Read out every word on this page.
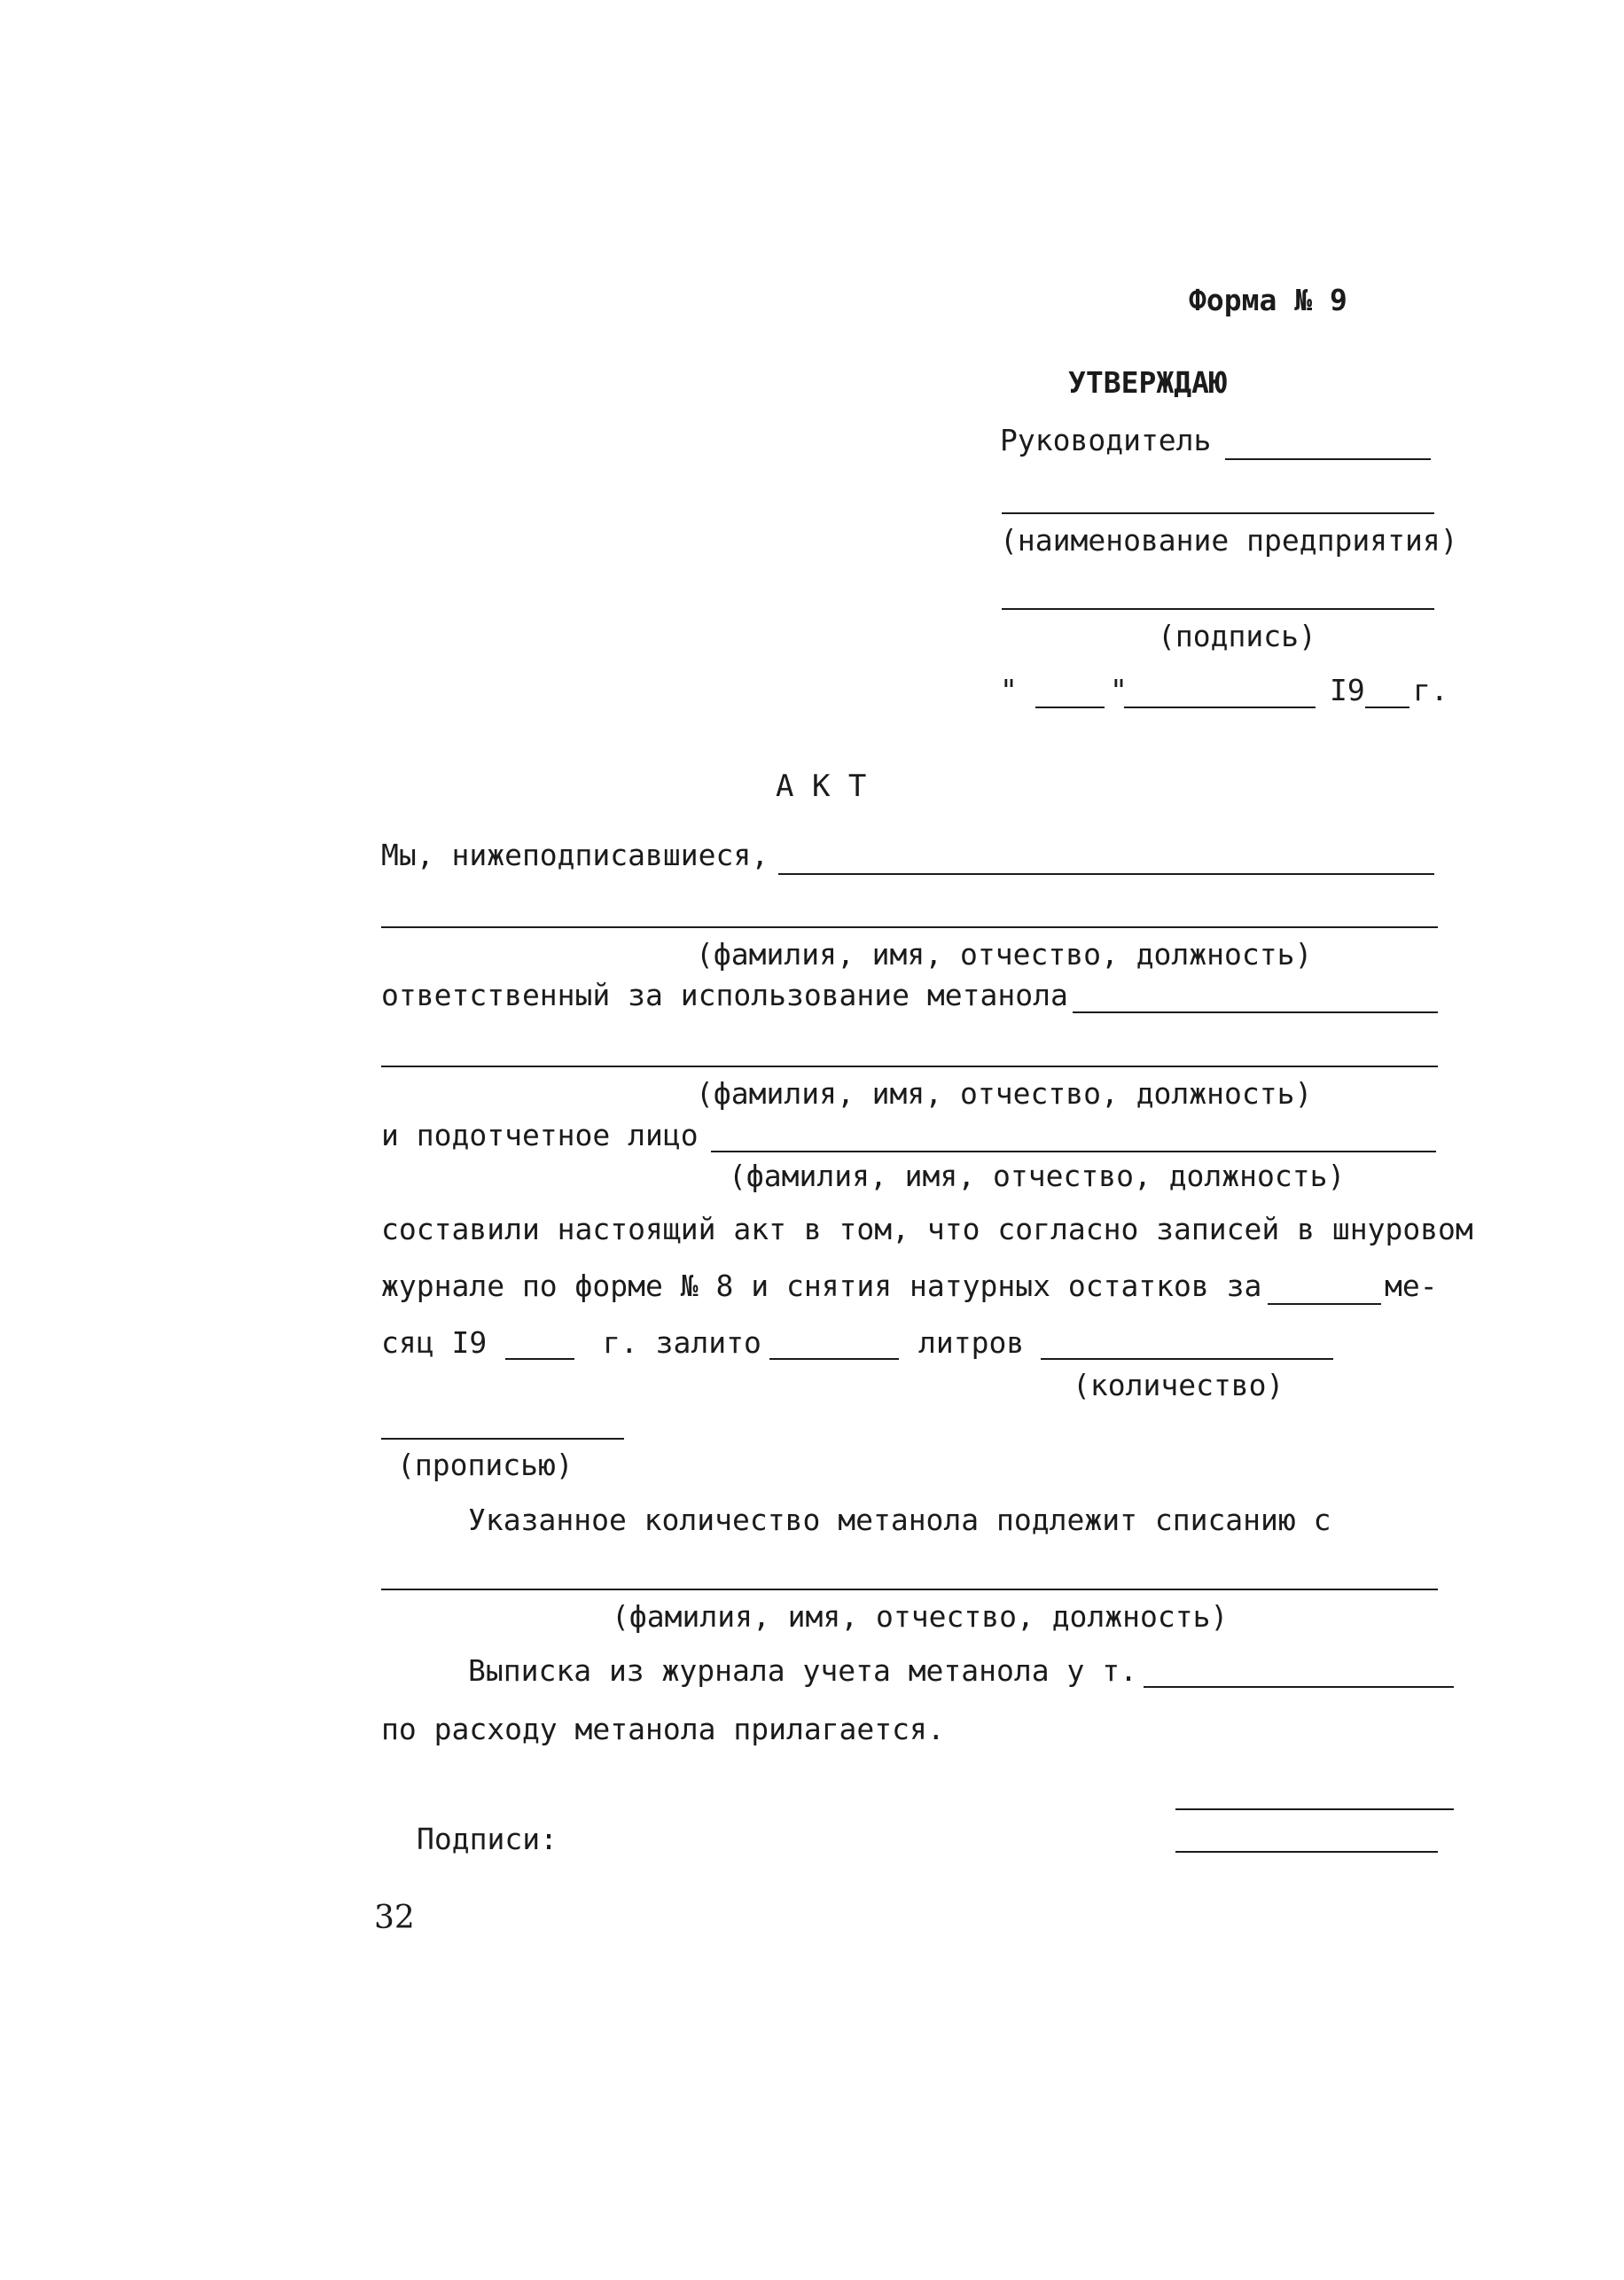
Форма № 9
УТВЕРЖДАЮ
Руководитель
(наименование предприятия)
(подпись)
"	"	I9 г.
А К Т
Мы, нижеподписавшиеся,
(фамилия, имя, отчество, должность)
ответственный за использование метанола
(фамилия, имя, отчество, должность)
и подотчетное лицо
(фамилия, имя, отчество, должность)
составили настоящий акт в том, что согласно записей в шнуровом
журнале по форме № 8 и снятия натурных остатков за	ме-
сяц I9	г. залито	литров
(количество)
(прописью)
Указанное количество метанола подлежит списанию с
(фамилия, имя, отчество, должность)
Выписка из журнала учета метанола у т.
по расходу метанола прилагается.
Подписи:
32
